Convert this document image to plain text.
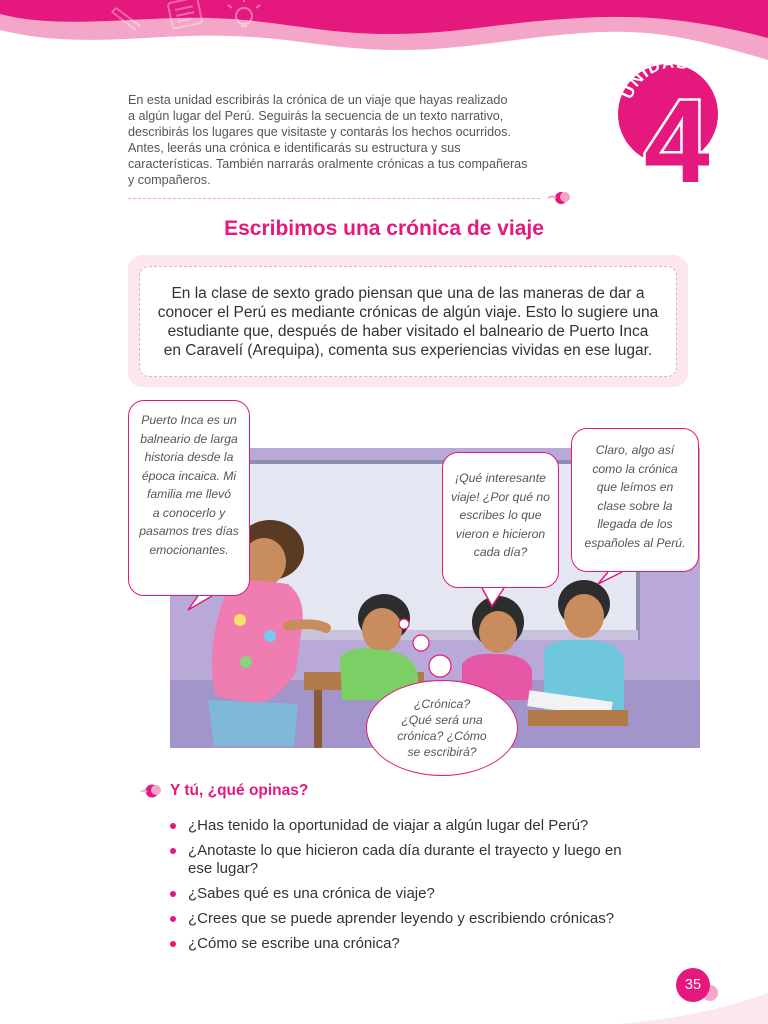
UNIDAD
4
En esta unidad escribirás la crónica de un viaje que hayas realizado
a algún lugar del Perú. Seguirás la secuencia de un texto narrativo,
describirás los lugares que visitaste y contarás los hechos ocurridos.
Antes, leerás una crónica e identificarás su estructura y sus
características. También narrarás oralmente crónicas a tus compañeras
y compañeros.
Escribimos una crónica de viaje
En la clase de sexto grado piensan que una de las maneras de dar a
conocer el Perú es mediante crónicas de algún viaje. Esto lo sugiere una
estudiante que, después de haber visitado el balneario de Puerto Inca
en Caravelí (Arequipa), comenta sus experiencias vividas en ese lugar.
Puerto Inca es un
balneario de larga
historia desde la
época incaica. Mi
familia me llevó
a conocerlo y
pasamos tres días
emocionantes.
¡Qué interesante
viaje! ¿Por qué no
escribes lo que
vieron e hicieron
cada día?
Claro, algo así
como la crónica
que leímos en
clase sobre la
llegada de los
españoles al Perú.
¿Crónica?
¿Qué será una
crónica? ¿Cómo
se escribirá?
Y tú, ¿qué opinas?
¿Has tenido la oportunidad de viajar a algún lugar del Perú?
¿Anotaste lo que hicieron cada día durante el trayecto y luego en
ese lugar?
¿Sabes qué es una crónica de viaje?
¿Crees que se puede aprender leyendo y escribiendo crónicas?
¿Cómo se escribe una crónica?
35
